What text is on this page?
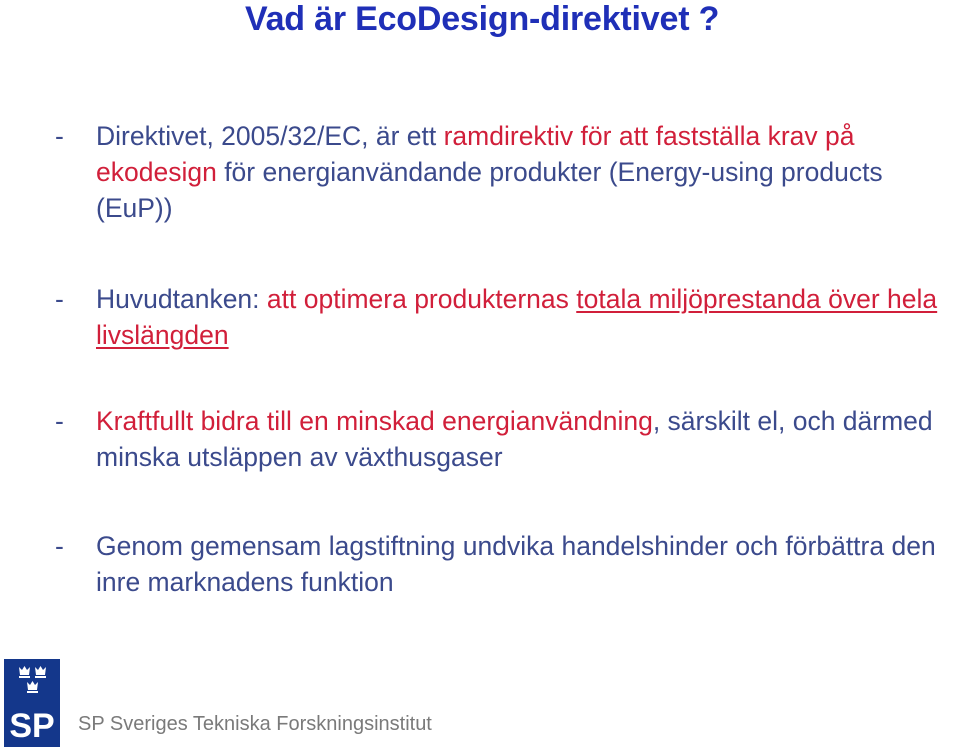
Vad är EcoDesign-direktivet ?
- Direktivet, 2005/32/EC, är ett ramdirektiv för att fastställa krav på ekodesign för energianvändande produkter (Energy-using products (EuP))
- Huvudtanken: att optimera produkternas totala miljöprestanda över hela livslängden
- Kraftfullt bidra till en minskad energianvändning, särskilt el, och därmed minska utsläppen av växthusgaser
- Genom gemensam lagstiftning undvika handelshinder och förbättra den inre marknadens funktion
SP SP Sveriges Tekniska Forskningsinstitut
